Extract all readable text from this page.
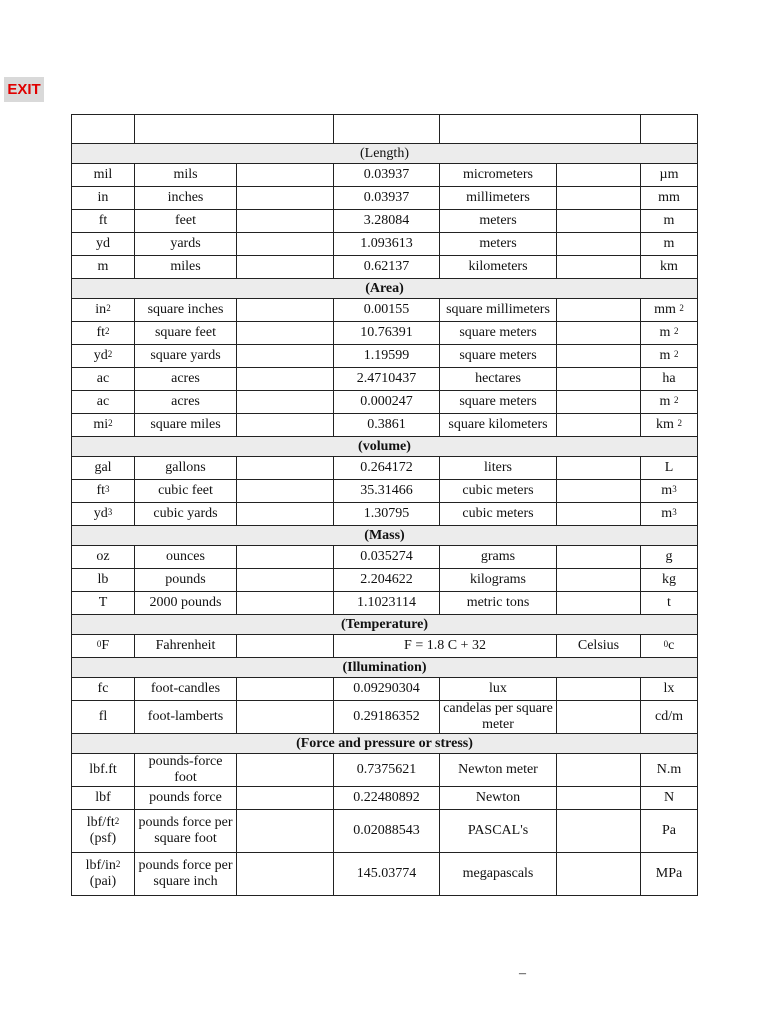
EXIT

(Length)						
mil	mils		0.03937	micrometers		µm
in	inches		0.03937	millimeters		mm
ft	feet		3.28084	meters		m
yd	yards		1.093613	meters		m
m	miles		0.62137	kilometers		km
(Area)						
$in^2$	square inches		0.00155	square millimeters		mm $^2$
$ft^2$	square feet		10.76391	square meters		m $^2$
$yd^2$	square yards		1.19599	square meters		m $^2$
ac	acres		2.4710437	hectares		ha
ac	acres		0.000247	square meters		m $^2$
$mi^2$	square miles		0.3861	square kilometers		km $^2$
(volume)						
gal	gallons		0.264172	liters		L
$ft^3$	cubic feet		35.31466	cubic meters		$m^3$
$yd^3$	cubic yards		1.30795	cubic meters		$m^3$
(Mass)						
oz	ounces		0.035274	grams		g
lb	pounds		2.204622	kilograms		kg
T	2000 pounds		1.1023114	metric tons		t
(Temperature)						
$^0$F	Fahrenheit		F = 1.8 C + 32		Celsius	$^0$c
(Illumination)						
fc	foot-candles		0.09290304	lux		lx
fl	foot-lamberts		0.29186352	candelas per square meter		cd/m
(Force and pressure or stress)						
lbf.ft	pounds-force foot		0.7375621	Newton meter		N.m
lbf	pounds force		0.22480892	Newton		N
lbf/$ft^2$
(psf)	pounds force per square foot		0.02088543	PASCAL's		Pa
lbf/$in^2$
(pai)	pounds force per square inch		145.03774	megapascals		MPa
–
